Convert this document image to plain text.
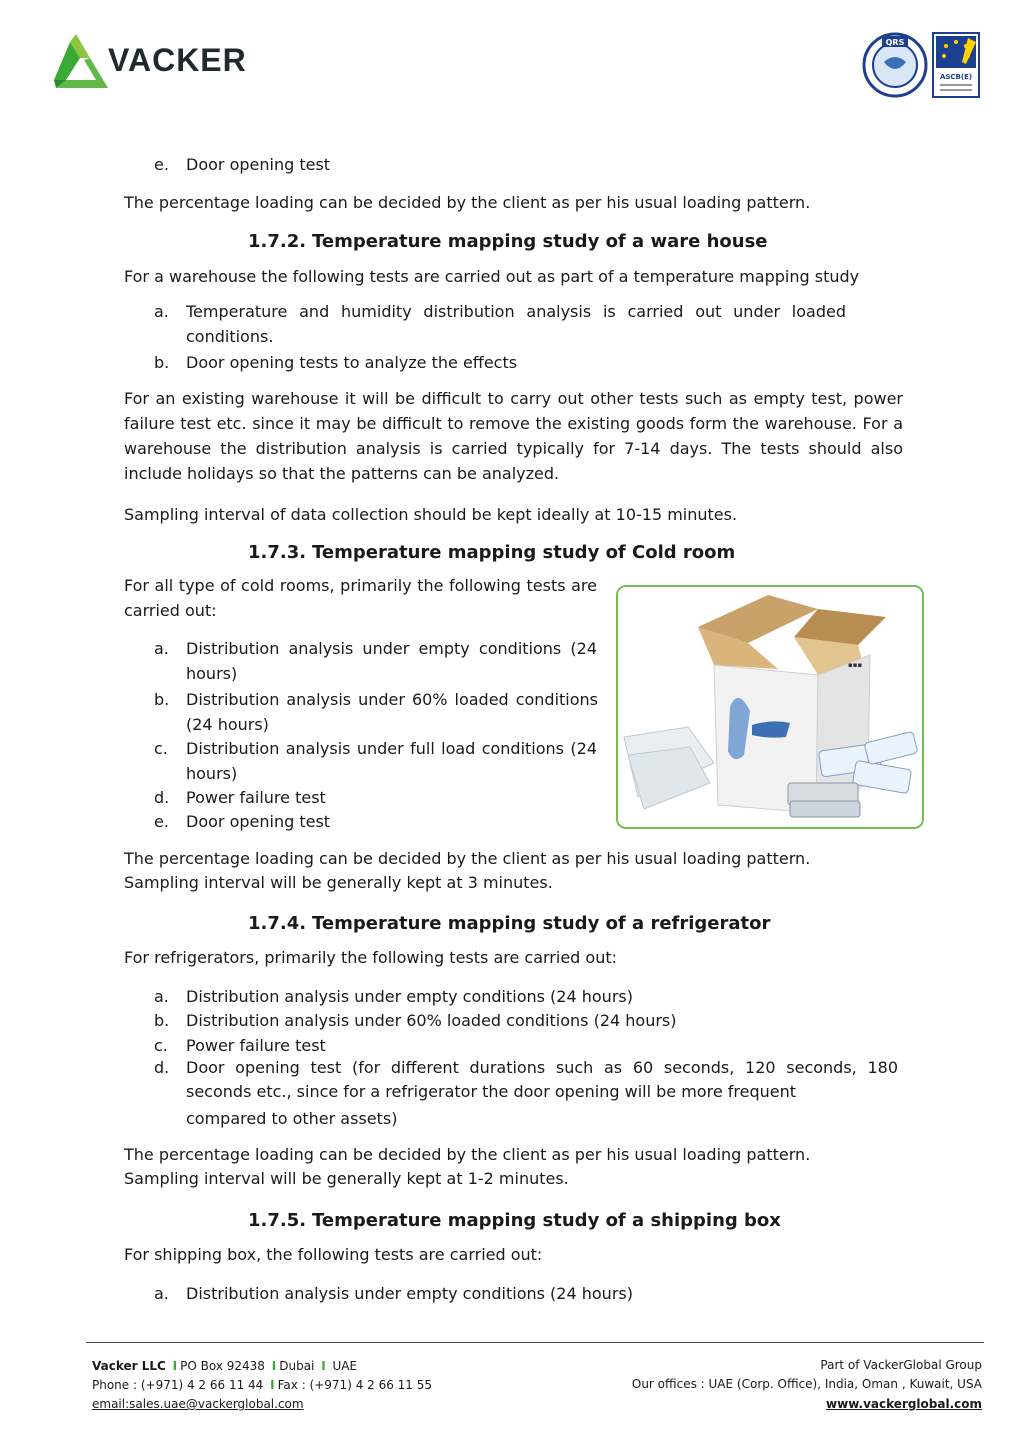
VACKER	QRS
ASCB(E)
e. Door opening test
The percentage loading can be decided by the client as per his usual loading pattern.
1.7.2. Temperature mapping study of a ware house
For a warehouse the following tests are carried out as part of a temperature mapping study
a. Temperature and humidity distribution analysis is carried out under loaded conditions.
b. Door opening tests to analyze the effects
For an existing warehouse it will be difficult to carry out other tests such as empty test, power failure test etc. since it may be difficult to remove the existing goods form the warehouse. For a warehouse the distribution analysis is carried typically for 7-14 days. The tests should also include holidays so that the patterns can be analyzed.
Sampling interval of data collection should be kept ideally at 10-15 minutes.
1.7.3. Temperature mapping study of Cold room
For all type of cold rooms, primarily the following tests are carried out:
a. Distribution analysis under empty conditions (24 hours)
b. Distribution analysis under 60% loaded conditions (24 hours)
c. Distribution analysis under full load conditions (24 hours)
d. Power failure test
e. Door opening test
▪▪▪
The percentage loading can be decided by the client as per his usual loading pattern.
Sampling interval will be generally kept at 3 minutes.
1.7.4. Temperature mapping study of a refrigerator
For refrigerators, primarily the following tests are carried out:
a. Distribution analysis under empty conditions (24 hours)
b. Distribution analysis under 60% loaded conditions (24 hours)
c. Power failure test
d. Door opening test (for different durations such as 60 seconds, 120 seconds, 180
seconds etc., since for a refrigerator the door opening will be more frequent
compared to other assets)
The percentage loading can be decided by the client as per his usual loading pattern.
Sampling interval will be generally kept at 1-2 minutes.
1.7.5. Temperature mapping study of a shipping box
For shipping box, the following tests are carried out:
a. Distribution analysis under empty conditions (24 hours)
Vacker LLC I PO Box 92438 I Dubai I UAE
Phone : (+971) 4 2 66 11 44 I Fax : (+971) 4 2 66 11 55
email:sales.uae@vackerglobal.com
Part of VackerGlobal Group
Our offices : UAE (Corp. Office), India, Oman , Kuwait, USA
www.vackerglobal.com
